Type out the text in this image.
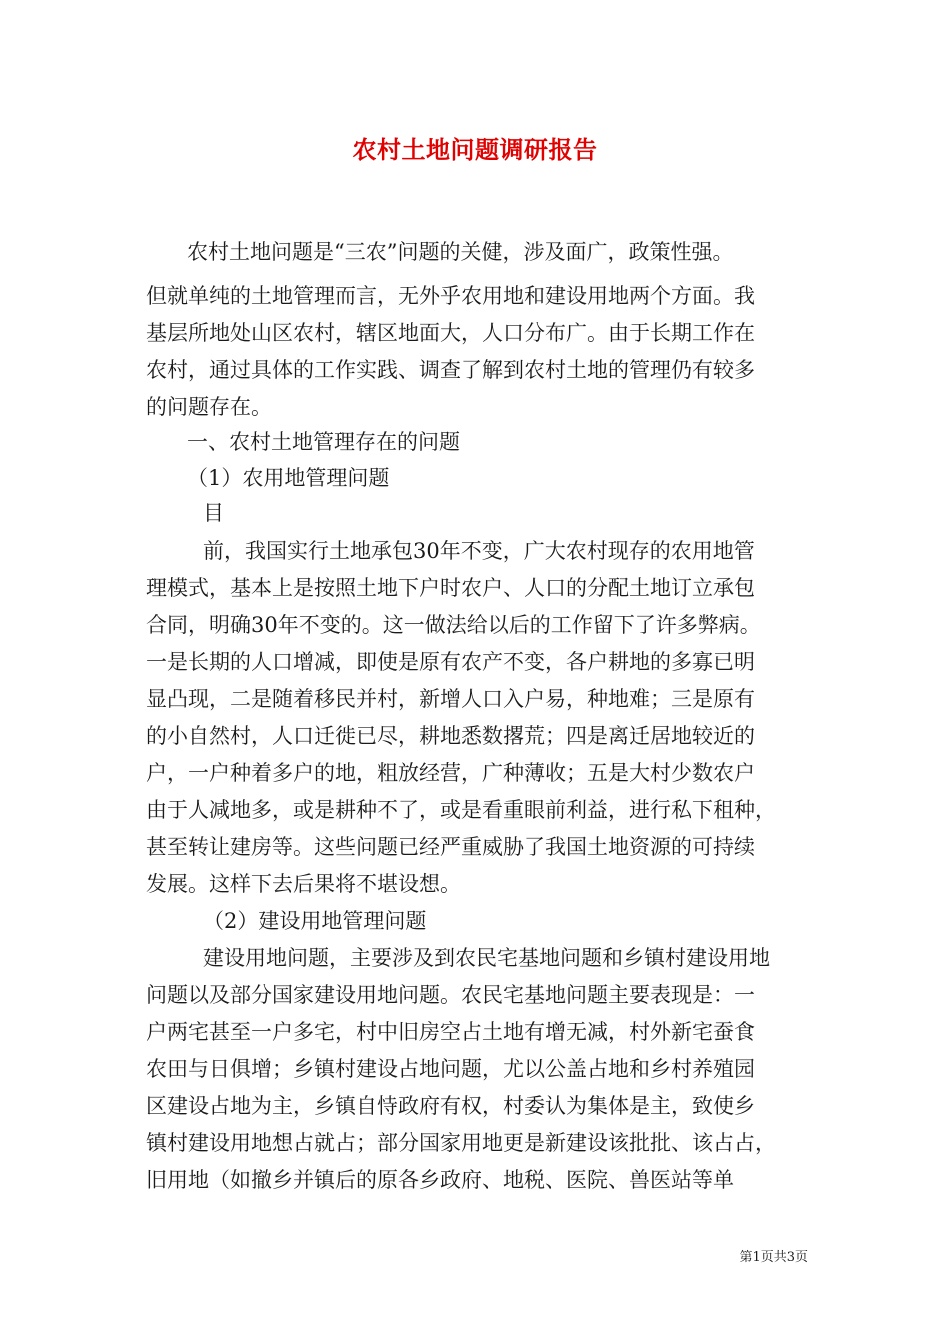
农村土地问题调研报告
农村土地问题是“三农”问题的关健，涉及面广，政策性强。
但就单纯的土地管理而言，无外乎农用地和建设用地两个方面。我
基层所地处山区农村，辖区地面大，人口分布广。由于长期工作在
农村，通过具体的工作实践、调查了解到农村土地的管理仍有较多
的问题存在。
一、农村土地管理存在的问题
（1）农用地管理问题
目
前，我国实行土地承包30年不变，广大农村现存的农用地管
理模式，基本上是按照土地下户时农户、人口的分配土地订立承包
合同，明确30年不变的。这一做法给以后的工作留下了许多弊病。
一是长期的人口增减，即使是原有农产不变，各户耕地的多寡已明
显凸现，二是随着移民并村，新增人口入户易，种地难；三是原有
的小自然村，人口迁徙已尽，耕地悉数撂荒；四是离迁居地较近的
户，一户种着多户的地，粗放经营，广种薄收；五是大村少数农户
由于人减地多，或是耕种不了，或是看重眼前利益，进行私下租种，
甚至转让建房等。这些问题已经严重威胁了我国土地资源的可持续
发展。这样下去后果将不堪设想。
（2）建设用地管理问题
建设用地问题，主要涉及到农民宅基地问题和乡镇村建设用地
问题以及部分国家建设用地问题。农民宅基地问题主要表现是：一
户两宅甚至一户多宅，村中旧房空占土地有增无减，村外新宅蚕食
农田与日俱增；乡镇村建设占地问题，尤以公盖占地和乡村养殖园
区建设占地为主，乡镇自恃政府有权，村委认为集体是主，致使乡
镇村建设用地想占就占；部分国家用地更是新建设该批批、该占占，
旧用地（如撤乡并镇后的原各乡政府、地税、医院、兽医站等单
第1页共3页
